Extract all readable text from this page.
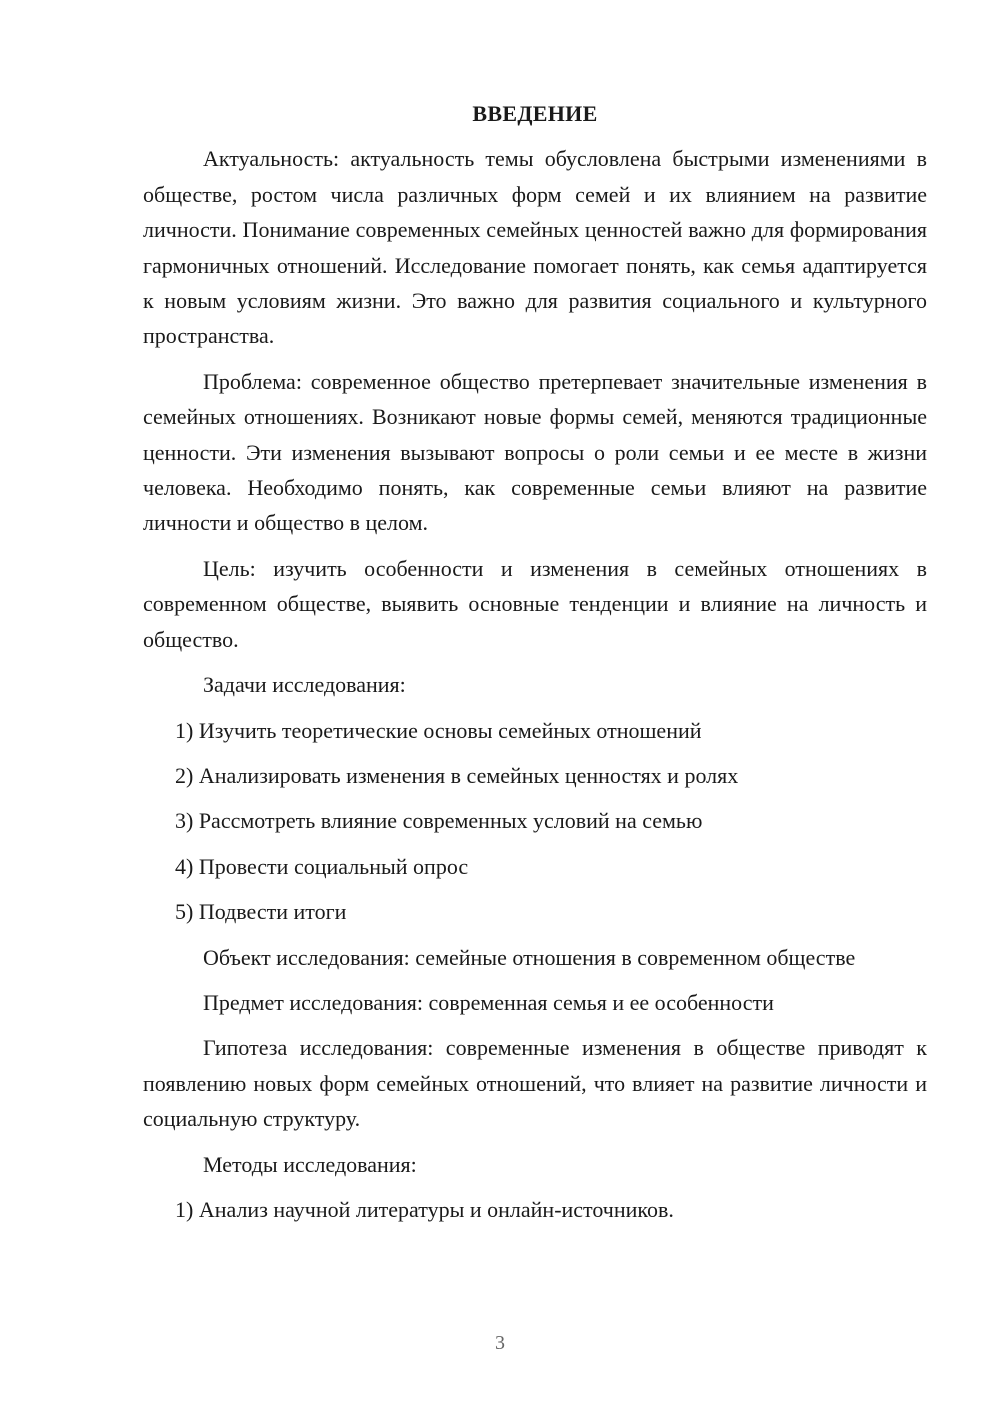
ВВЕДЕНИЕ

Актуальность: актуальность темы обусловлена быстрыми изменениями в обществе, ростом числа различных форм семей и их влиянием на развитие личности. Понимание современных семейных ценностей важно для формирования гармоничных отношений. Исследование помогает понять, как семья адаптируется к новым условиям жизни. Это важно для развития социального и культурного пространства.

Проблема: современное общество претерпевает значительные изменения в семейных отношениях. Возникают новые формы семей, меняются традиционные ценности. Эти изменения вызывают вопросы о роли семьи и ее месте в жизни человека. Необходимо понять, как современные семьи влияют на развитие личности и общество в целом.

Цель: изучить особенности и изменения в семейных отношениях в современном обществе, выявить основные тенденции и влияние на личность и общество.

Задачи исследования:

1) Изучить теоретические основы семейных отношений
2) Анализировать изменения в семейных ценностях и ролях
3) Рассмотреть влияние современных условий на семью
4) Провести социальный опрос
5) Подвести итоги

Объект исследования: семейные отношения в современном обществе

Предмет исследования: современная семья и ее особенности

Гипотеза исследования: современные изменения в обществе приводят к появлению новых форм семейных отношений, что влияет на развитие личности и социальную структуру.

Методы исследования:

1) Анализ научной литературы и онлайн-источников.
3
